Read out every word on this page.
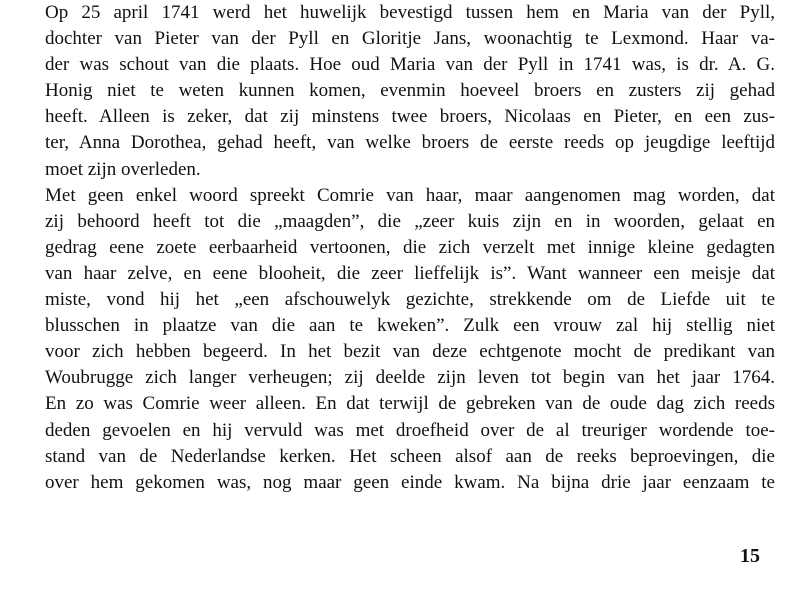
Op 25 april 1741 werd het huwelijk bevestigd tussen hem en Maria van der Pyll,
dochter van Pieter van der Pyll en Gloritje Jans, woonachtig te Lexmond. Haar va-
der was schout van die plaats. Hoe oud Maria van der Pyll in 1741 was, is dr. A. G.
Honig niet te weten kunnen komen, evenmin hoeveel broers en zusters zij gehad
heeft. Alleen is zeker, dat zij minstens twee broers, Nicolaas en Pieter, en een zus-
ter, Anna Dorothea, gehad heeft, van welke broers de eerste reeds op jeugdige leeftijd
moet zijn overleden.
Met geen enkel woord spreekt Comrie van haar, maar aangenomen mag worden, dat
zij behoord heeft tot die „maagden”, die „zeer kuis zijn en in woorden, gelaat en
gedrag eene zoete eerbaarheid vertoonen, die zich verzelt met innige kleine gedagten
van haar zelve, en eene blooheit, die zeer lieffelijk is”. Want wanneer een meisje dat
miste, vond hij het „een afschouwelyk gezichte, strekkende om de Liefde uit te
blusschen in plaatze van die aan te kweken”. Zulk een vrouw zal hij stellig niet
voor zich hebben begeerd. In het bezit van deze echtgenote mocht de predikant van
Woubrugge zich langer verheugen; zij deelde zijn leven tot begin van het jaar 1764.
En zo was Comrie weer alleen. En dat terwijl de gebreken van de oude dag zich reeds
deden gevoelen en hij vervuld was met droefheid over de al treuriger wordende toe-
stand van de Nederlandse kerken. Het scheen alsof aan de reeks beproevingen, die
over hem gekomen was, nog maar geen einde kwam. Na bijna drie jaar eenzaam te
15
